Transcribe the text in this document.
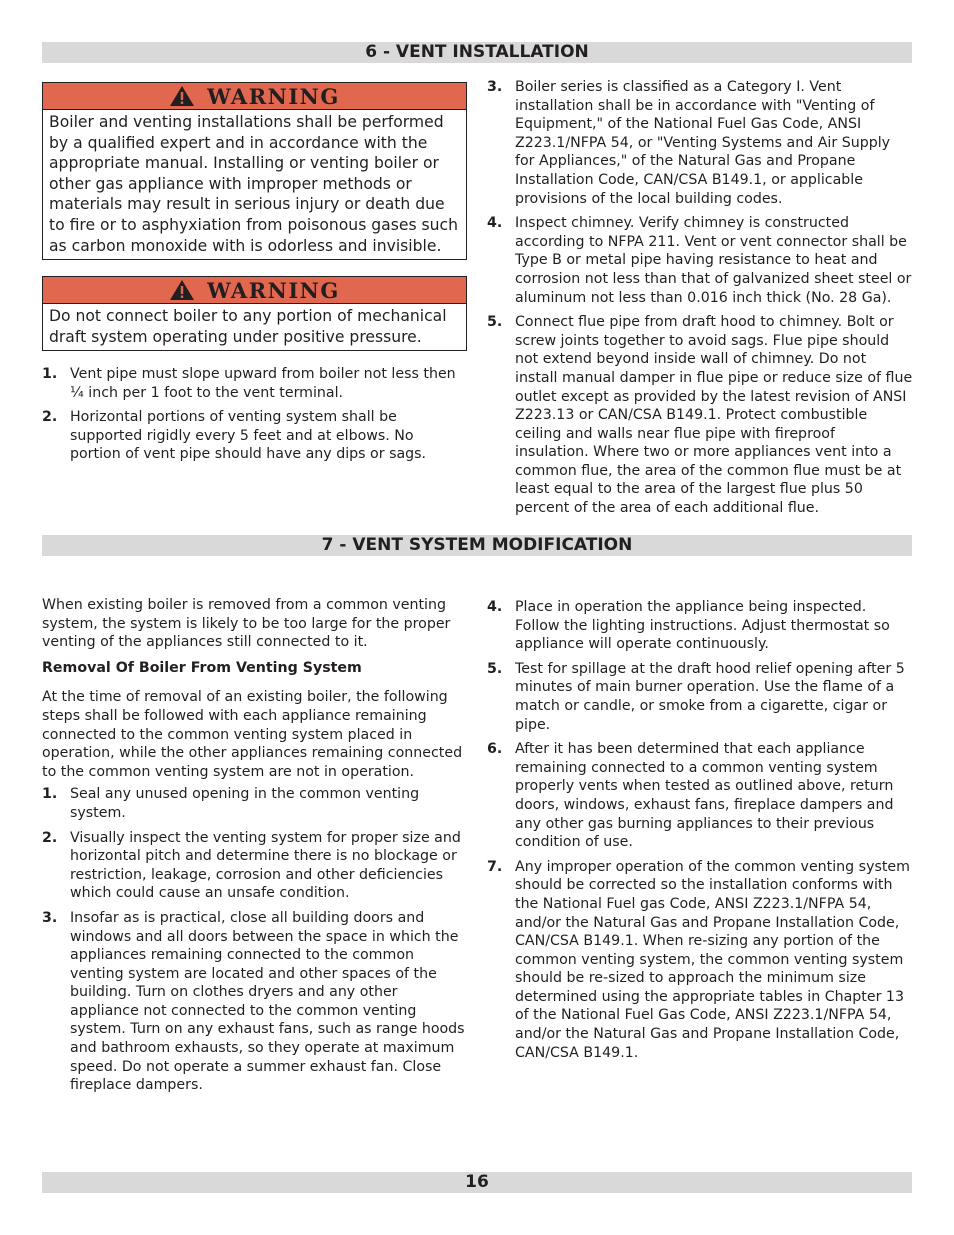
6 - VENT INSTALLATION
WARNING
Boiler and venting installations shall be performed by a qualified expert and in accordance with the appropriate manual. Installing or venting boiler or other gas appliance with improper methods or materials may result in serious injury or death due to fire or to asphyxiation from poisonous gases such as carbon monoxide with is odorless and invisible.
WARNING
Do not connect boiler to any portion of mechanical draft system operating under positive pressure.
1. Vent pipe must slope upward from boiler not less then ¼ inch per 1 foot to the vent terminal.
2. Horizontal portions of venting system shall be supported rigidly every 5 feet and at elbows. No portion of vent pipe should have any dips or sags.
3. Boiler series is classified as a Category I. Vent installation shall be in accordance with "Venting of Equipment," of the National Fuel Gas Code, ANSI Z223.1/NFPA 54, or "Venting Systems and Air Supply for Appliances," of the Natural Gas and Propane Installation Code, CAN/CSA B149.1, or applicable provisions of the local building codes.
4. Inspect chimney. Verify chimney is constructed according to NFPA 211. Vent or vent connector shall be Type B or metal pipe having resistance to heat and corrosion not less than that of galvanized sheet steel or aluminum not less than 0.016 inch thick (No. 28 Ga).
5. Connect flue pipe from draft hood to chimney. Bolt or screw joints together to avoid sags. Flue pipe should not extend beyond inside wall of chimney. Do not install manual damper in flue pipe or reduce size of flue outlet except as provided by the latest revision of ANSI Z223.13 or CAN/CSA B149.1. Protect combustible ceiling and walls near flue pipe with fireproof insulation. Where two or more appliances vent into a common flue, the area of the common flue must be at least equal to the area of the largest flue plus 50 percent of the area of each additional flue.
7 - VENT SYSTEM MODIFICATION

When existing boiler is removed from a common venting system, the system is likely to be too large for the proper venting of the appliances still connected to it.

Removal Of Boiler From Venting System

At the time of removal of an existing boiler, the following steps shall be followed with each appliance remaining connected to the common venting system placed in operation, while the other appliances remaining connected to the common venting system are not in operation.

1. Seal any unused opening in the common venting system.
2. Visually inspect the venting system for proper size and horizontal pitch and determine there is no blockage or restriction, leakage, corrosion and other deficiencies which could cause an unsafe condition.
3. Insofar as is practical, close all building doors and windows and all doors between the space in which the appliances remaining connected to the common venting system are located and other spaces of the building. Turn on clothes dryers and any other appliance not connected to the common venting system. Turn on any exhaust fans, such as range hoods and bathroom exhausts, so they operate at maximum speed. Do not operate a summer exhaust fan. Close fireplace dampers.
4. Place in operation the appliance being inspected. Follow the lighting instructions. Adjust thermostat so appliance will operate continuously.
5. Test for spillage at the draft hood relief opening after 5 minutes of main burner operation. Use the flame of a match or candle, or smoke from a cigarette, cigar or pipe.
6. After it has been determined that each appliance remaining connected to a common venting system properly vents when tested as outlined above, return doors, windows, exhaust fans, fireplace dampers and any other gas burning appliances to their previous condition of use.
7. Any improper operation of the common venting system should be corrected so the installation conforms with the National Fuel gas Code, ANSI Z223.1/NFPA 54, and/or the Natural Gas and Propane Installation Code, CAN/CSA B149.1. When re-sizing any portion of the common venting system, the common venting system should be re-sized to approach the minimum size determined using the appropriate tables in Chapter 13 of the National Fuel Gas Code, ANSI Z223.1/NFPA 54, and/or the Natural Gas and Propane Installation Code, CAN/CSA B149.1.
16
